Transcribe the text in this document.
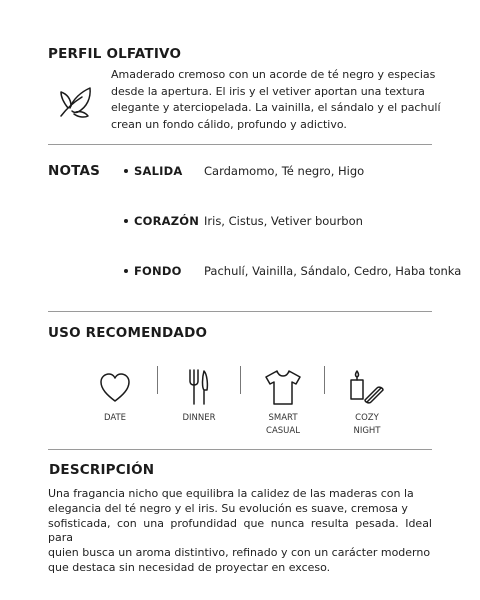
PERFIL OLFATIVO
Amaderado cremoso con un acorde de té negro y especias
desde la apertura. El iris y el vetiver aportan una textura
elegante y aterciopelada. La vainilla, el sándalo y el pachulí
crean un fondo cálido, profundo y adictivo.
NOTAS	SALIDA Cardamomo, Té negro, Higo
CORAZÓN Iris, Cistus, Vetiver bourbon
FONDO Pachulí, Vainilla, Sándalo, Cedro, Haba tonka
USO RECOMENDADO
DATE	DINNER	SMART
CASUAL
COZY
NIGHT
DESCRIPCIÓN
Una fragancia nicho que equilibra la calidez de las maderas con la
elegancia del té negro y el iris. Su evolución es suave, cremosa y
sofisticada, con una profundidad que nunca resulta pesada. Ideal para
quien busca un aroma distintivo, refinado y con un carácter moderno
que destaca sin necesidad de proyectar en exceso.
